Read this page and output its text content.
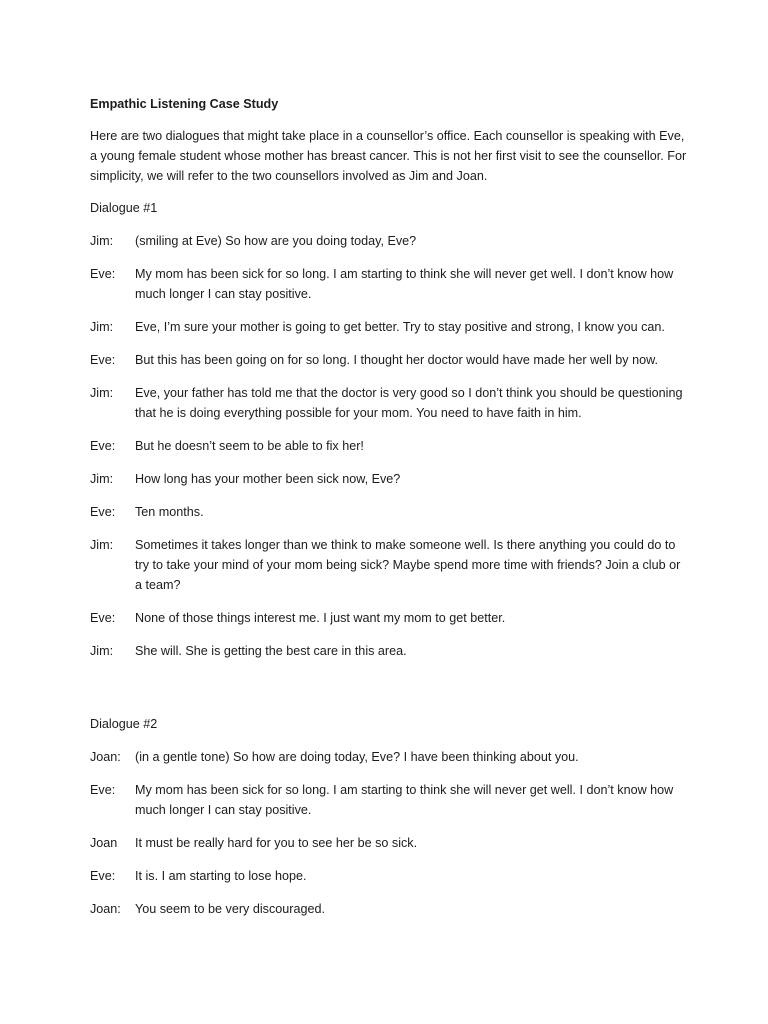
Empathic Listening Case Study
Here are two dialogues that might take place in a counsellor’s office. Each counsellor is speaking with Eve, a young female student whose mother has breast cancer. This is not her first visit to see the counsellor. For simplicity, we will refer to the two counsellors involved as Jim and Joan.
Dialogue #1
Jim:	(smiling at Eve) So how are you doing today, Eve?
Eve:	My mom has been sick for so long. I am starting to think she will never get well. I don’t know how much longer I can stay positive.
Jim:	Eve, I’m sure your mother is going to get better. Try to stay positive and strong, I know you can.
Eve:	But this has been going on for so long. I thought her doctor would have made her well by now.
Jim:	Eve, your father has told me that the doctor is very good so I don’t think you should be questioning that he is doing everything possible for your mom. You need to have faith in him.
Eve:	But he doesn’t seem to be able to fix her!
Jim:	How long has your mother been sick now, Eve?
Eve:	Ten months.
Jim:	Sometimes it takes longer than we think to make someone well. Is there anything you could do to try to take your mind of your mom being sick? Maybe spend more time with friends? Join a club or a team?
Eve:	None of those things interest me. I just want my mom to get better.
Jim:	She will. She is getting the best care in this area.
Dialogue #2
Joan:	(in a gentle tone) So how are doing today, Eve? I have been thinking about you.
Eve:	My mom has been sick for so long. I am starting to think she will never get well. I don’t know how much longer I can stay positive.
Joan	It must be really hard for you to see her be so sick.
Eve:	It is. I am starting to lose hope.
Joan:	You seem to be very discouraged.
